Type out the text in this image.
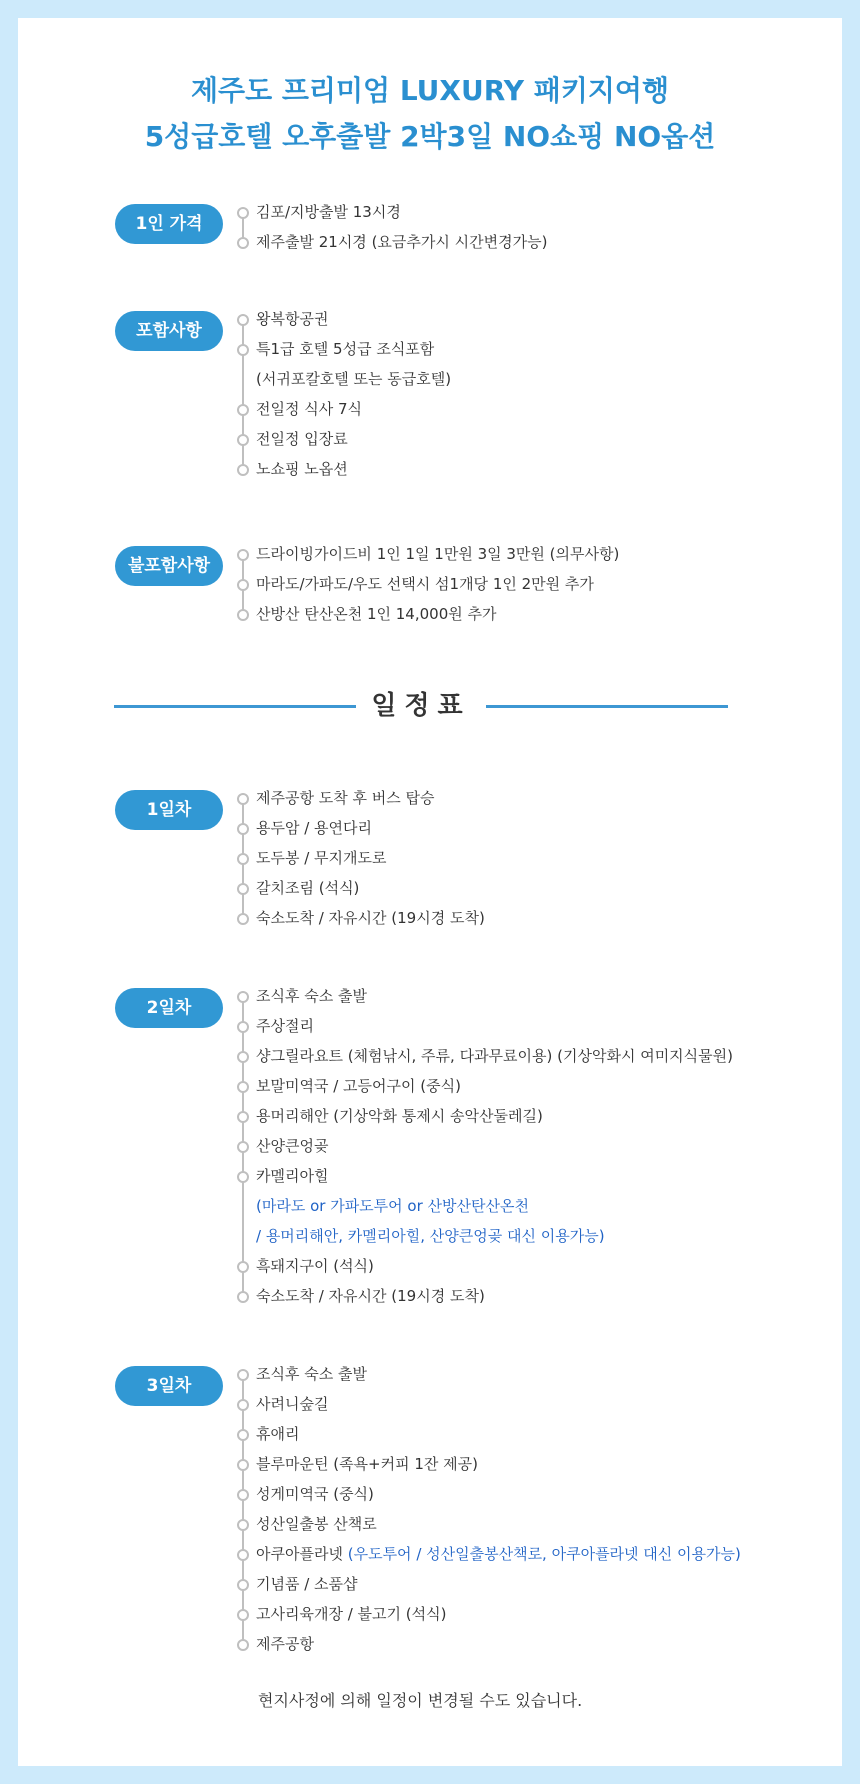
제주도 프리미엄 LUXURY 패키지여행
5성급호텔 오후출발 2박3일 NO쇼핑 NO옵션
1인 가격
김포/지방출발 13시경
제주출발 21시경 (요금추가시 시간변경가능)
포함사항
왕복항공권
특1급 호텔 5성급 조식포함
(서귀포칼호텔 또는 동급호텔)
전일정 식사 7식
전일정 입장료
노쇼핑 노옵션
불포함사항
드라이빙가이드비 1인 1일 1만원 3일 3만원 (의무사항)
마라도/가파도/우도 선택시 섬1개당 1인 2만원 추가
산방산 탄산온천 1인 14,000원 추가
일정표
1일차
제주공항 도착 후 버스 탑승
용두암 / 용연다리
도두봉 / 무지개도로
갈치조림 (석식)
숙소도착 / 자유시간 (19시경 도착)
2일차
조식후 숙소 출발
주상절리
샹그릴라요트 (체험낚시, 주류, 다과무료이용) (기상악화시 여미지식물원)
보말미역국 / 고등어구이 (중식)
용머리해안 (기상악화 통제시 송악산둘레길)
산양큰엉곶
카멜리아힐
(마라도 or 가파도투어 or 산방산탄산온천
/ 용머리해안, 카멜리아힐, 산양큰엉곶 대신 이용가능)
흑돼지구이 (석식)
숙소도착 / 자유시간 (19시경 도착)
3일차
조식후 숙소 출발
사려니숲길
휴애리
블루마운틴 (족욕+커피 1잔 제공)
성게미역국 (중식)
성산일출봉 산책로
아쿠아플라넷 (우도투어 / 성산일출봉산책로, 아쿠아플라넷 대신 이용가능)
기념품 / 소품샵
고사리육개장 / 불고기 (석식)
제주공항
현지사정에 의해 일정이 변경될 수도 있습니다.
